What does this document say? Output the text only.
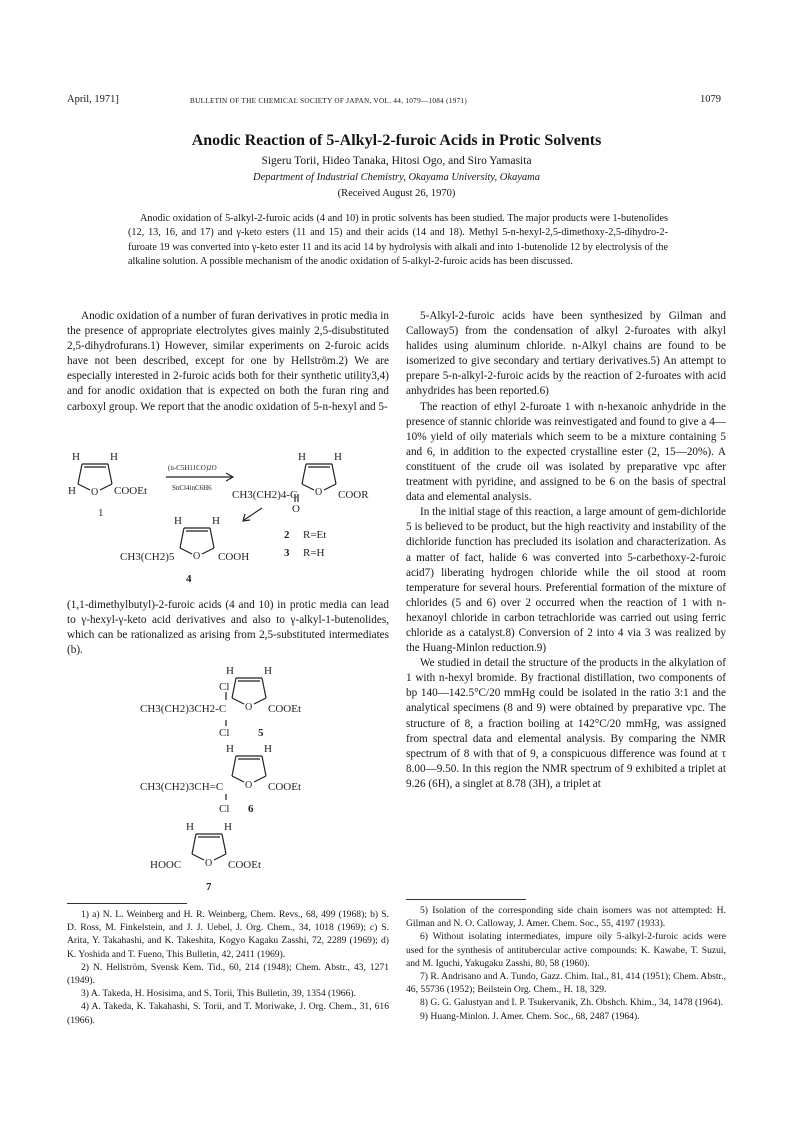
April, 1971]	BULLETIN OF THE CHEMICAL SOCIETY OF JAPAN, VOL. 44, 1079—1084 (1971)	1079
Anodic Reaction of 5-Alkyl-2-furoic Acids in Protic Solvents
Sigeru Torii, Hideo Tanaka, Hitosi Ogo, and Siro Yamasita
Department of Industrial Chemistry, Okayama University, Okayama
(Received August 26, 1970)
Anodic oxidation of 5-alkyl-2-furoic acids (4 and 10) in protic solvents has been studied. The major products were 1-butenolides (12, 13, 16, and 17) and γ-keto esters (11 and 15) and their acids (14 and 18). Methyl 5-n-hexyl-2,5-dimethoxy-2,5-dihydro-2-furoate 19 was converted into γ-keto ester 11 and its acid 14 by hydrolysis with alkali and into 1-butenolide 12 by electrolysis of the alkaline solution. A possible mechanism of the anodic oxidation of 5-alkyl-2-furoic acids has been discussed.

Anodic oxidation of a number of furan derivatives in protic media in the presence of appropriate electrolytes gives mainly 2,5-disubstituted 2,5-dihydrofurans.1) However, similar experiments on 2-furoic acids have not been described, except for one by Hellström.2) We are especially interested in 2-furoic acids both for their synthetic utility3,4) and for anodic oxidation that is expected on both the furan ring and carboxyl group. We report that the anodic oxidation of 5-n-hexyl and 5-

H	H
H O COOEt
1
(n-C5H11CO)2O
SnCl4inC6H6
H	H
CH3(CH2)4-C O COOR
O
2 R=Et
3 R=H
H	H
CH3(CH2)5 O COOH
4

(1,1-dimethylbutyl)-2-furoic acids (4 and 10) in protic media can lead to γ-hexyl-γ-keto acid derivatives and also to γ-alkyl-1-butenolides, which can be rationalized as arising from 2,5-substituted intermediates (b).

H	H
Cl
CH3(CH2)3CH2-C O COOEt
Cl	5
H	H
CH3(CH2)3CH=C O COOEt
Cl 6
H	H
HOOC O COOEt
7

5-Alkyl-2-furoic acids have been synthesized by Gilman and Calloway5) from the condensation of alkyl 2-furoates with alkyl halides using aluminum chloride. n-Alkyl chains are found to be isomerized to give secondary and tertiary derivatives.5) An attempt to prepare 5-n-alkyl-2-furoic acids by the reaction of 2-furoates with acid anhydrides has been reported.6)

The reaction of ethyl 2-furoate 1 with n-hexanoic anhydride in the presence of stannic chloride was reinvestigated and found to give a 4—10% yield of oily materials which seem to be a mixture containing 5 and 6, in addition to the expected crystalline ester (2, 15—20%). A constituent of the crude oil was isolated by preparative vpc after treatment with pyridine, and assigned to be 6 on the basis of spectral data and elemental analysis.

In the initial stage of this reaction, a large amount of gem-dichloride 5 is believed to be product, but the high reactivity and instability of the dichloride function has precluded its isolation and characterization. As a matter of fact, halide 6 was converted into 5-carbethoxy-2-furoic acid7) liberating hydrogen chloride while the oil stood at room temperature for several hours. Preferential formation of the mixture of chlorides (5 and 6) over 2 occurred when the reaction of 1 with n-hexanoyl chloride in carbon tetrachloride was carried out using ferric chloride as a catalyst.8) Conversion of 2 into 4 via 3 was realized by the Huang-Minlon reduction.9)

We studied in detail the structure of the products in the alkylation of 1 with n-hexyl bromide. By fractional distillation, two components of bp 140—142.5°C/20 mmHg could be isolated in the ratio 3:1 and the analytical specimens (8 and 9) were obtained by preparative vpc. The structure of 8, a fraction boiling at 142°C/20 mmHg, was assigned from spectral data and elemental analysis. By comparing the NMR spectrum of 8 with that of 9, a conspicuous difference was found at τ 8.00—9.50. In this region the NMR spectrum of 9 exhibited a triplet at 9.26 (6H), a singlet at 8.78 (3H), a triplet at

1) a) N. L. Weinberg and H. R. Weinberg, Chem. Revs., 68, 499 (1968); b) S. D. Ross, M. Finkelstein, and J. J. Uebel, J. Org. Chem., 34, 1018 (1969); c) S. Arita, Y. Takahashi, and K. Takeshita, Kogyo Kagaku Zasshi, 72, 2289 (1969); d) K. Yoshida and T. Fueno, This Bulletin, 42, 2411 (1969).

2) N. Hellström, Svensk Kem. Tid., 60, 214 (1948); Chem. Abstr., 43, 1271 (1949).

3) A. Takeda, H. Hosisima, and S. Torii, This Bulletin, 39, 1354 (1966).

4) A. Takeda, K. Takahashi, S. Torii, and T. Moriwake, J. Org. Chem., 31, 616 (1966).

5) Isolation of the corresponding side chain isomers was not attempted: H. Gilman and N. O. Calloway, J. Amer. Chem. Soc., 55, 4197 (1933).

6) Without isolating intermediates, impure oily 5-alkyl-2-furoic acids were used for the synthesis of antitubercular active compounds: K. Kawabe, T. Suzui, and M. Iguchi, Yakugaku Zasshi, 80, 58 (1960).

7) R. Andrisano and A. Tundo, Gazz. Chim. Ital., 81, 414 (1951); Chem. Abstr., 46, 55736 (1952); Beilstein Org. Chem., H. 18, 329.

8) G. G. Galustyan and I. P. Tsukervanik, Zh. Obshch. Khim., 34, 1478 (1964).

9) Huang-Minlon. J. Amer. Chem. Soc., 68, 2487 (1964).
